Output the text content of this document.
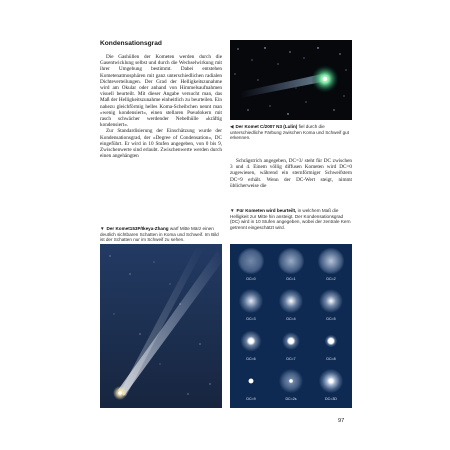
Kondensationsgrad

Die Gashüllen der Kometen werden durch die Gasentwicklung selbst und durch die Wechselwirkung mit ihrer Umgebung bestimmt. Dabei entstehen Kometenatmosphären mit ganz unterschiedlichen radialen Dichteverteilungen. Der Grad der Helligkeitszunahme wird am Okular oder anhand von Himmelsaufnahmen visuell beurteilt. Mit dieser Angabe versucht man, das Maß der Helligkeitszunahme einheitlich zu beurteilen. Ein nahezu gleichförmig helles Koma-Scheibchen nennt man »wenig kondensiert«, einen stellaren Pseudokern mit rasch schwächer werdender Nebelhülle »kräftig kondensiert«.

Zur Standardisierung der Einschätzung wurde der Kondensationsgrad, der »Degree of Condensation«, DC eingeführt. Er wird in 10 Stufen angegeben, von 0 bis 9, Zwischenwerte sind erlaubt. Zwischenwerte werden durch einen angehängten

◀ Der Komet C/2007 N3 (Lulin) fiel durch die unterschiedliche Färbung zwischen Koma und Schweif gut erkennen.

Schrägstrich angegeben, DC=3/ steht für DC zwischen 3 und 4. Einem völlig diffusen Kometen wird DC=0 zugewiesen, während ein sternförmiger Schweifstern DC=9 erhält. Wenn der DC-Wert steigt, nimmt üblicherweise die

▼ Der Komet153P/Ikeya-Zhang warf Mitte März einen deutlich sichtbaren Schatten in Koma und Schweif. Im Bild ist der Schatten nur im Schweif zu sehen.
▼ Für Kometen wird beurteilt, in welchem Maß die Helligkeit zur Mitte hin ansteigt. Der Kondensationsgrad (DC) wird in 10 Stufen angegeben, wobei der zentrale Kern getrennt eingeschätzt wird.
DC=0	DC=1	DC=2
DC=3	DC=4	DC=5
DC=6	DC=7	DC=8
DC=9	DC=2s	DC=3D
97
